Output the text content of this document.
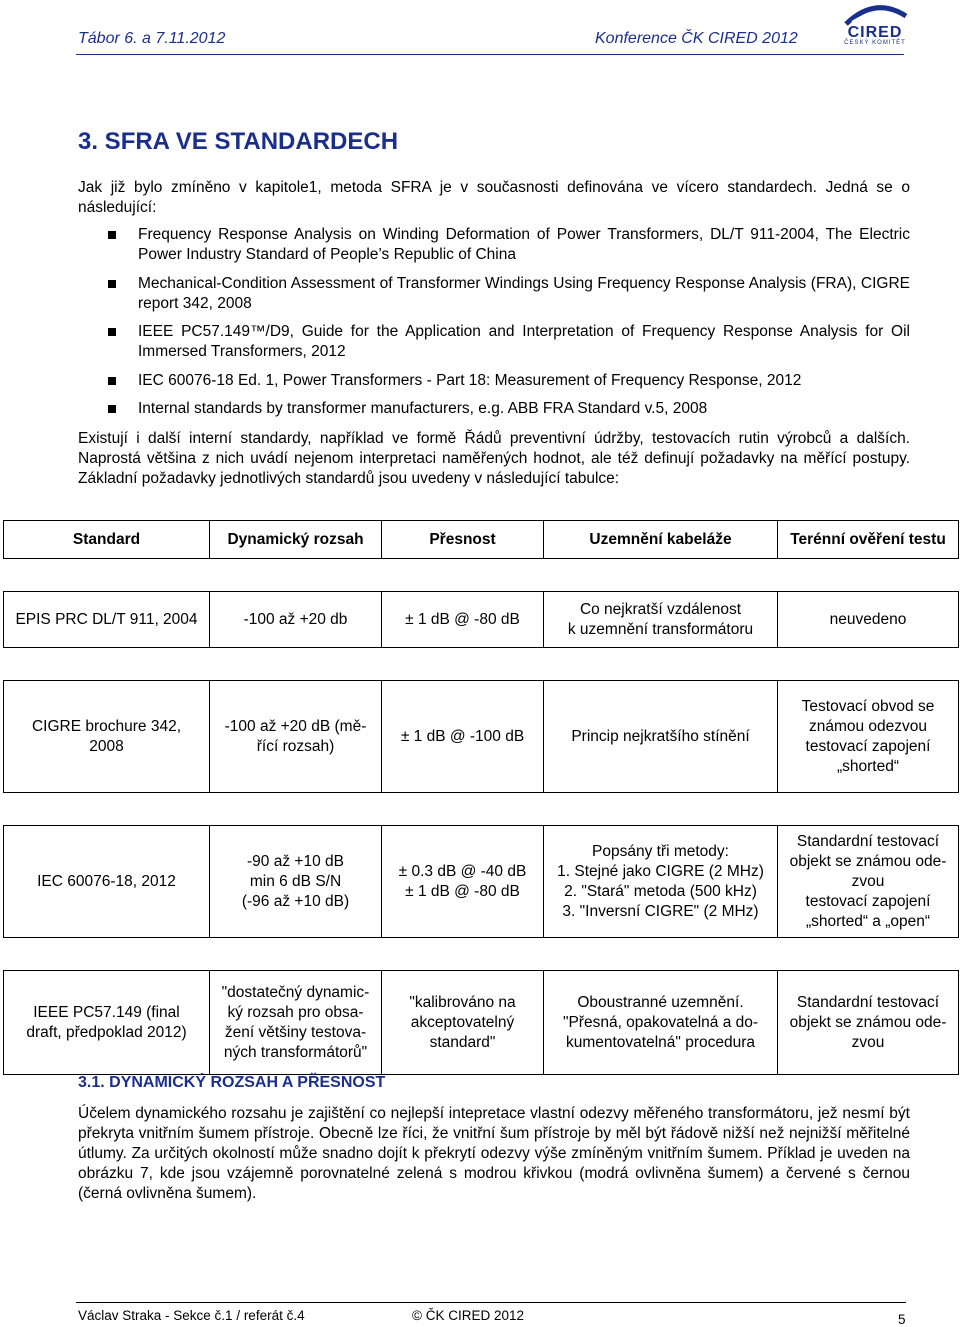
Tábor 6. a 7.11.2012	Konference ČK CIRED 2012	CIRED
ČESKÝ KOMITÉT
3. SFRA VE STANDARDECH

Jak již bylo zmíněno v kapitole1, metoda SFRA je v současnosti definována ve vícero standardech. Jedná se o následující:

Frequency Response Analysis on Winding Deformation of Power Transformers, DL/T 911-2004, The Electric Power Industry Standard of People’s Republic of China

Mechanical-Condition Assessment of Transformer Windings Using Frequency Response Analysis (FRA), CIGRE report 342, 2008

IEEE PC57.149™/D9, Guide for the Application and Interpretation of Frequency Response Analysis for Oil Immersed Transformers, 2012

IEC 60076-18 Ed. 1, Power Transformers - Part 18: Measurement of Frequency Response, 2012

Internal standards by transformer manufacturers, e.g. ABB FRA Standard v.5, 2008

Existují i další interní standardy, například ve formě Řádů preventivní údržby, testovacích rutin výrobců a dalších. Naprostá většina z nich uvádí nejenom interpretaci naměřených hodnot, ale též definují požadavky na měřící postupy. Základní požadavky jednotlivých standardů jsou uvedeny v následující tabulce:

Standard	Dynamický rozsah	Přesnost	Uzemnění kabeláže	Terénní ověření testu

EPIS PRC DL/T 911, 2004	-100 až +20 db	± 1 dB @ -80 dB	Co nejkratší vzdálenost
k uzemnění transformátoru	neuvedeno

CIGRE brochure 342,
2008	-100 až +20 dB (mě-
řící rozsah)	± 1 dB @ -100 dB	Princip nejkratšího stínění	Testovací obvod se
známou odezvou
testovací zapojení
„shorted“

IEC 60076-18, 2012	-90 až +10 dB
min 6 dB S/N
(-96 až +10 dB)	± 0.3 dB @ -40 dB
± 1 dB @ -80 dB	Popsány tři metody:
1. Stejné jako CIGRE (2 MHz)
2. "Stará" metoda (500 kHz)
3. "Inversní CIGRE" (2 MHz)	Standardní testovací
objekt se známou ode-
zvou
testovací zapojení
„shorted“ a „open“

IEEE PC57.149 (final
draft, předpoklad 2012)	"dostatečný dynamic-
ký rozsah pro obsa-
žení většiny testova-
ných transformátorů"	"kalibrováno na
akceptovatelný
standard"	Oboustranné uzemnění.
"Přesná, opakovatelná a do-
kumentovatelná" procedura	Standardní testovací
objekt se známou ode-
zvou
3.1. DYNAMICKÝ ROZSAH A PŘESNOST

Účelem dynamického rozsahu je zajištění co nejlepší intepretace vlastní odezvy měřeného transformátoru, jež nesmí být překryta vnitřním šumem přístroje. Obecně lze říci, že vnitřní šum přístroje by měl být řádově nižší než nejnižší měřitelné útlumy. Za určitých okolností může snadno dojít k překrytí odezvy výše zmíněným vnitřním šumem. Příklad je uveden na obrázku 7, kde jsou vzájemně porovnatelné zelená s modrou křivkou (modrá ovlivněna šumem) a červené s černou (černá ovlivněna šumem).

Václav Straka - Sekce č.1 / referát č.4	© ČK CIRED 2012	5
